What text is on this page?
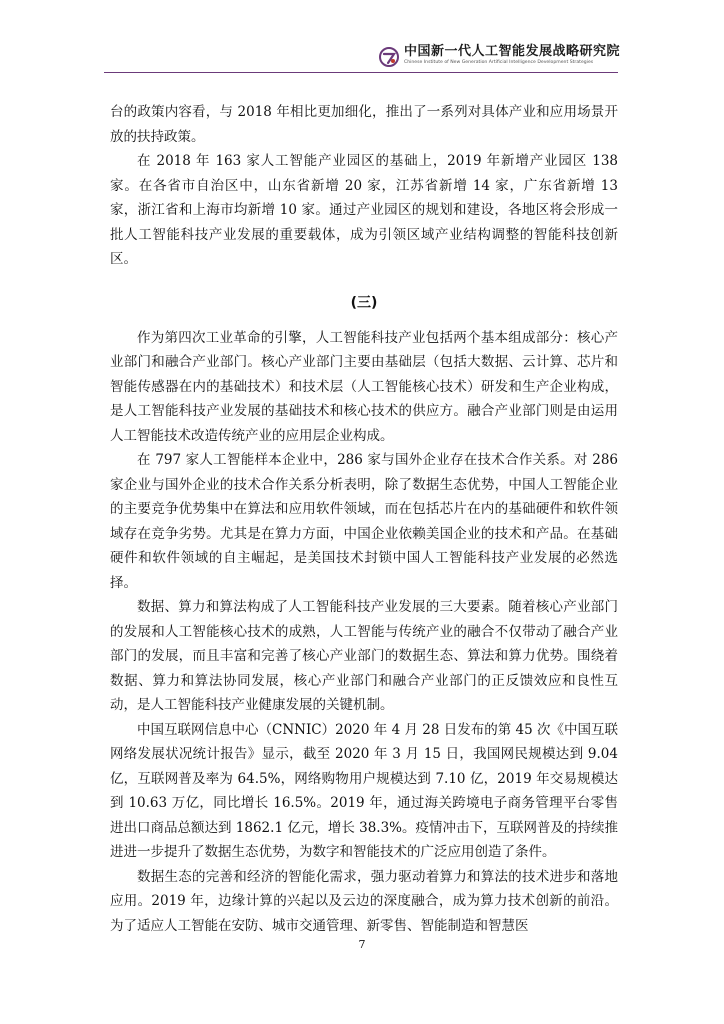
中国新一代人工智能发展战略研究院
Chinese Institute of New Generation Artificial Intelligence Development Strategies

台的政策内容看，与 2018 年相比更加细化，推出了一系列对具体产业和应用场景开放的扶持政策。

在 2018 年 163 家人工智能产业园区的基础上，2019 年新增产业园区 138 家。在各省市自治区中，山东省新增 20 家，江苏省新增 14 家，广东省新增 13 家，浙江省和上海市均新增 10 家。通过产业园区的规划和建设，各地区将会形成一批人工智能科技产业发展的重要载体，成为引领区域产业结构调整的智能科技创新区。

(三)

作为第四次工业革命的引擎，人工智能科技产业包括两个基本组成部分：核心产业部门和融合产业部门。核心产业部门主要由基础层（包括大数据、云计算、芯片和智能传感器在内的基础技术）和技术层（人工智能核心技术）研发和生产企业构成，是人工智能科技产业发展的基础技术和核心技术的供应方。融合产业部门则是由运用人工智能技术改造传统产业的应用层企业构成。

在 797 家人工智能样本企业中，286 家与国外企业存在技术合作关系。对 286 家企业与国外企业的技术合作关系分析表明，除了数据生态优势，中国人工智能企业的主要竞争优势集中在算法和应用软件领域，而在包括芯片在内的基础硬件和软件领域存在竞争劣势。尤其是在算力方面，中国企业依赖美国企业的技术和产品。在基础硬件和软件领域的自主崛起，是美国技术封锁中国人工智能科技产业发展的必然选择。

数据、算力和算法构成了人工智能科技产业发展的三大要素。随着核心产业部门的发展和人工智能核心技术的成熟，人工智能与传统产业的融合不仅带动了融合产业部门的发展，而且丰富和完善了核心产业部门的数据生态、算法和算力优势。围绕着数据、算力和算法协同发展，核心产业部门和融合产业部门的正反馈效应和良性互动，是人工智能科技产业健康发展的关键机制。

中国互联网信息中心（CNNIC）2020 年 4 月 28 日发布的第 45 次《中国互联网络发展状况统计报告》显示，截至 2020 年 3 月 15 日，我国网民规模达到 9.04 亿，互联网普及率为 64.5%，网络购物用户规模达到 7.10 亿，2019 年交易规模达到 10.63 万亿，同比增长 16.5%。2019 年，通过海关跨境电子商务管理平台零售进出口商品总额达到 1862.1 亿元，增长 38.3%。疫情冲击下，互联网普及的持续推进进一步提升了数据生态优势，为数字和智能技术的广泛应用创造了条件。

数据生态的完善和经济的智能化需求，强力驱动着算力和算法的技术进步和落地应用。2019 年，边缘计算的兴起以及云边的深度融合，成为算力技术创新的前沿。为了适应人工智能在安防、城市交通管理、新零售、智能制造和智慧医

7
